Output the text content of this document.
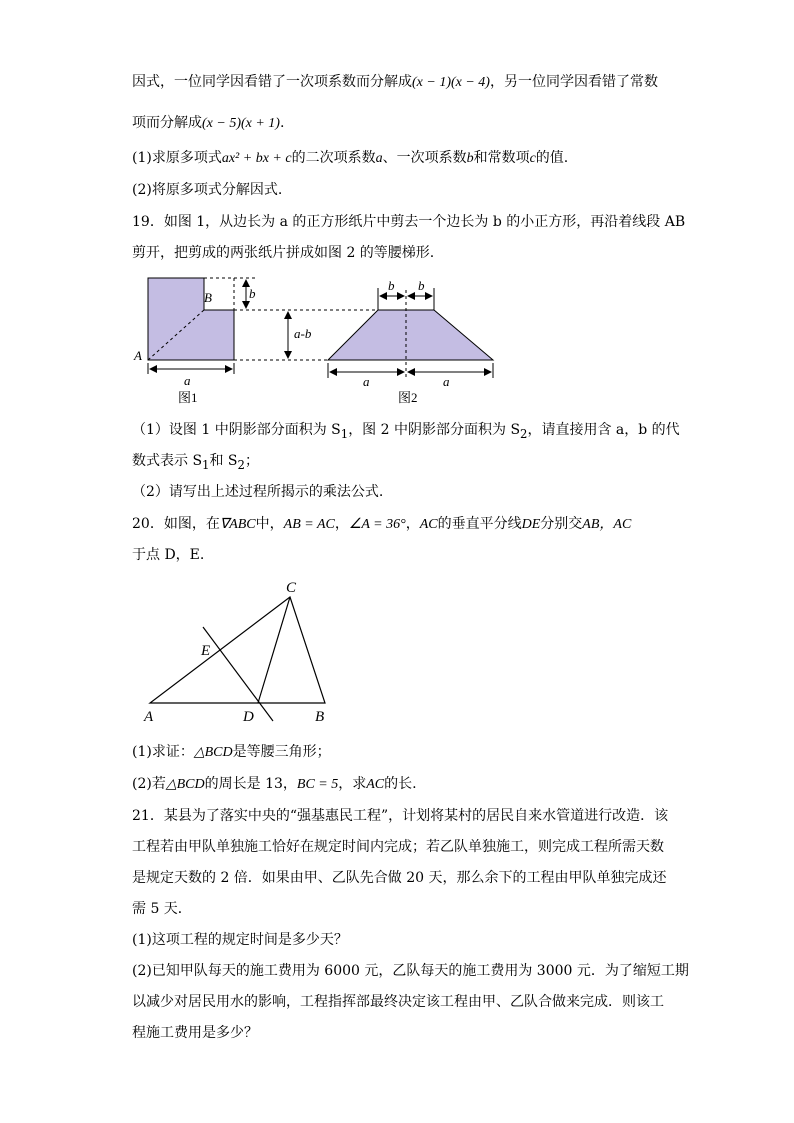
因式，一位同学因看错了一次项系数而分解成(x − 1)(x − 4)，另一位同学因看错了常数
项而分解成(x − 5)(x + 1).
(1)求原多项式ax² + bx + c的二次项系数a、一次项系数b和常数项c的值.
(2)将原多项式分解因式.
19．如图 1，从边长为 a 的正方形纸片中剪去一个边长为 b 的小正方形，再沿着线段 AB
剪开，把剪成的两张纸片拼成如图 2 的等腰梯形.
B
A
b
a
图1
a-b
b b
a	a
图2
（1）设图 1 中阴影部分面积为 $S_1$，图 2 中阴影部分面积为 $S_2$，请直接用含 a，b 的代
数式表示 $S_1$和 $S_2$；
（2）请写出上述过程所揭示的乘法公式.
20．如图，在∇ABC中，AB = AC，∠A = 36°，AC的垂直平分线DE分别交AB，AC
于点 D，E.
C
E
A	D	B
(1)求证：△BCD是等腰三角形；
(2)若△BCD的周长是 13，BC = 5，求AC的长.
21．某县为了落实中央的“强基惠民工程”，计划将某村的居民自来水管道进行改造．该
工程若由甲队单独施工恰好在规定时间内完成；若乙队单独施工，则完成工程所需天数
是规定天数的 2 倍．如果由甲、乙队先合做 20 天，那么余下的工程由甲队单独完成还
需 5 天．
(1)这项工程的规定时间是多少天？
(2)已知甲队每天的施工费用为 6000 元，乙队每天的施工费用为 3000 元．为了缩短工期
以减少对居民用水的影响，工程指挥部最终决定该工程由甲、乙队合做来完成．则该工
程施工费用是多少？
